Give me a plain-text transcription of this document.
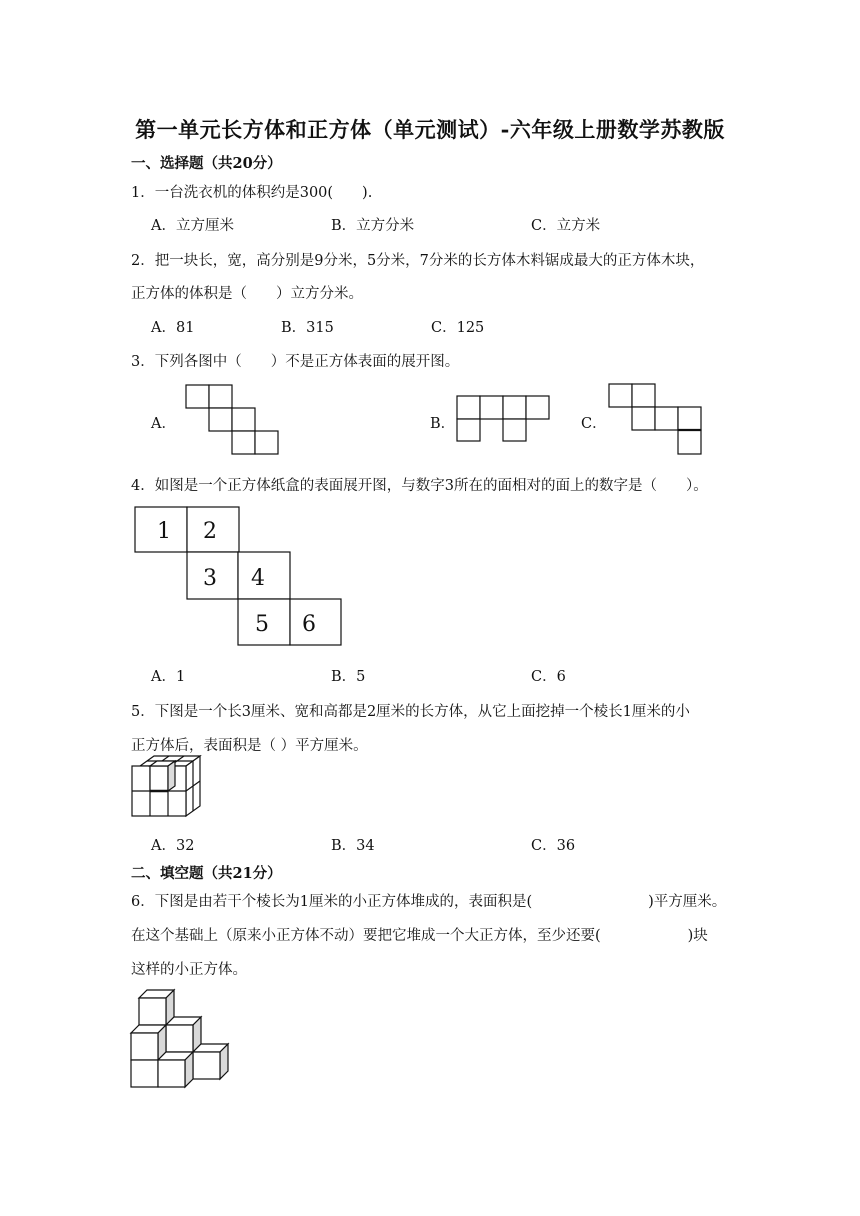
第一单元长方体和正方体（单元测试）-六年级上册数学苏教版
一、选择题（共20分）
1．一台洗衣机的体积约是300(　　).
A．立方厘米	B．立方分米	C．立方米
2．把一块长，宽，高分别是9分米，5分米，7分米的长方体木料锯成最大的正方体木块，
正方体的体积是（　　）立方分米。
A．81	B．315	C．125
3．下列各图中（　　）不是正方体表面的展开图。
A．	B．	C．
4．如图是一个正方体纸盒的表面展开图，与数字3所在的面相对的面上的数字是（　　）。
1 2
3 4
5 6
A．1	B．5	C．6
5．下图是一个长3厘米、宽和高都是2厘米的长方体，从它上面挖掉一个棱长1厘米的小
正方体后，表面积是（ ）平方厘米。
A．32	B．34	C．36
二、填空题（共21分）
6．下图是由若干个棱长为1厘米的小正方体堆成的，表面积是(　　　　　　　　)平方厘米。
在这个基础上（原来小正方体不动）要把它堆成一个大正方体，至少还要(　　　　　　)块
这样的小正方体。
